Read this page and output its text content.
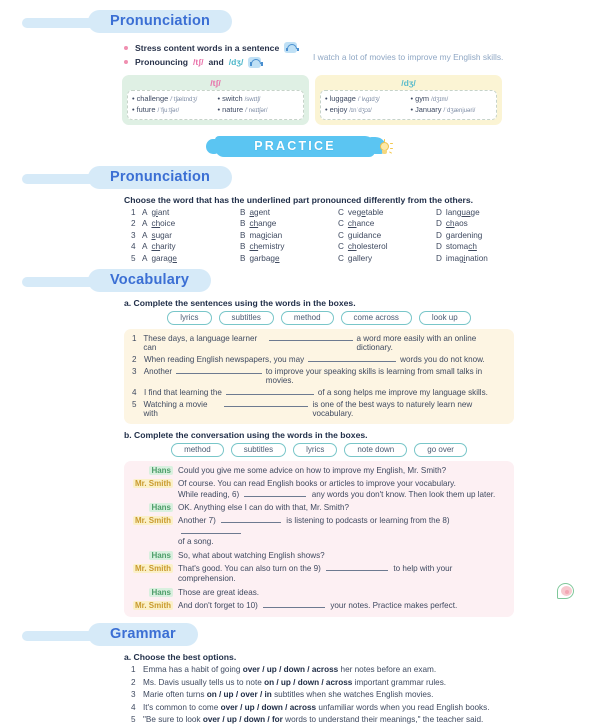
Pronunciation
Stress content words in a sentence
Pronouncing /tʃ/ and /dʒ/	I watch a lot of movies to improve my English skills.
/tʃ/
• challenge /ˈtʃælɪndʒ/
• future /ˈfjuːtʃər/
• switch /swɪtʃ/
• nature /ˈneɪtʃər/
/dʒ/
• luggage /ˈlʌɡɪdʒ/
• enjoy /ɪnˈdʒɔɪ/
• gym /dʒɪm/
• January /ˈdʒænjuəri/
PRACTICE
Pronunciation
Choose the word that has the underlined part pronounced differently from the others.
1 A giant	B agent	C vegetable	D language
2 A choice	B change	C chance	D chaos
3 A sugar	B magician	C guidance	D gardening
4 A charity	B chemistry	C cholesterol	D stomach
5 A garage	B garbage	C gallery	D imagination
Vocabulary
a. Complete the sentences using the words in the boxes.
lyrics	subtitles	method	come across	look up
1 These days, a language learner can
a word more easily with an online dictionary.
2 When reading English newspapers, you may	words you do not know.
3 Another	to improve your speaking skills is learning from small talks in movies.
4 I find that learning the	of a song helps me improve my language skills.
5 Watching a movie with
is one of the best ways to naturely learn new vocabulary.
b. Complete the conversation using the words in the boxes.
method	subtitles	lyrics	note down	go over
Hans Could you give me some advice on how to improve my English, Mr. Smith?
Mr. Smith Of course. You can read English books or articles to improve your vocabulary.
While reading, 6)	any words you don't know. Then look them up later.
Hans OK. Anything else I can do with that, Mr. Smith?
Mr. Smith Another 7)	is listening to podcasts or learning from the 8)
of a song.
Hans So, what about watching English shows?
Mr. Smith That's good. You can also turn on the 9)	to help with your comprehension.
Hans Those are great ideas.
Mr. Smith And don't forget to 10)	your notes. Practice makes perfect.
Grammar
a. Choose the best options.
1 Emma has a habit of going
over / up / down / across
her notes before an exam.
2 Ms. Davis usually tells us to note
on / up / down / across
important grammar rules.
3 Marie often turns
on / up / over / in
subtitles when she watches English movies.
4 It's common to come
over / up / down / across
unfamiliar words when you read English books.
5 "Be sure to look
over / up / down / for
words to understand their meanings," the teacher said.
